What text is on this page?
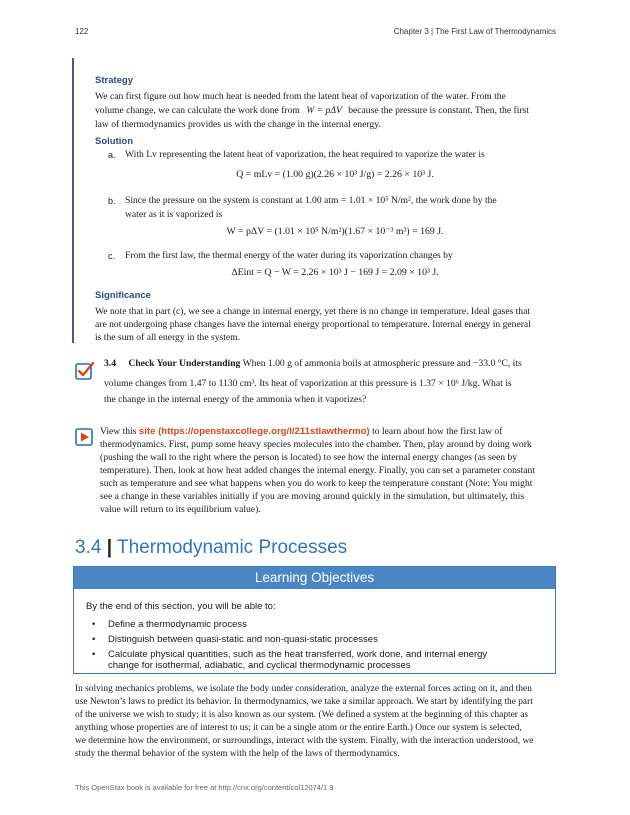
122	Chapter 3 | The First Law of Thermodynamics
Strategy
We can first figure out how much heat is needed from the latent heat of vaporization of the water. From the
volume change, we can calculate the work done from W = pΔV because the pressure is constant. Then, the first
law of thermodynamics provides us with the change in the internal energy.
Solution
a. With Lv representing the latent heat of vaporization, the heat required to vaporize the water is
Q = mLv = (1.00 g)(2.26 × 10³ J/g) = 2.26 × 10³ J.
b. Since the pressure on the system is constant at 1.00 atm = 1.01 × 10⁵ N/m², the work done by the
water as it is vaporized is
W = pΔV = (1.01 × 10⁵ N/m²)(1.67 × 10⁻³ m³) = 169 J.
c. From the first law, the thermal energy of the water during its vaporization changes by
ΔEint = Q − W = 2.26 × 10³ J − 169 J = 2.09 × 10³ J.
Significance
We note that in part (c), we see a change in internal energy, yet there is no change in temperature. Ideal gases that
are not undergoing phase changes have the internal energy proportional to temperature. Internal energy in general
is the sum of all energy in the system.
3.4 Check Your Understanding When 1.00 g of ammonia boils at atmospheric pressure and −33.0 °C, its
volume changes from 1.47 to 1130 cm³. Its heat of vaporization at this pressure is 1.37 × 10⁶ J/kg. What is
the change in the internal energy of the ammonia when it vaporizes?
View this site (https://openstaxcollege.org/l/211stlawthermo) to learn about how the first law of
thermodynamics. First, pump some heavy species molecules into the chamber. Then, play around by doing work
(pushing the wall to the right where the person is located) to see how the internal energy changes (as seen by
temperature). Then, look at how heat added changes the internal energy. Finally, you can set a parameter constant
such as temperature and see what happens when you do work to keep the temperature constant (Note: You might
see a change in these variables initially if you are moving around quickly in the simulation, but ultimately, this
value will return to its equilibrium value).
3.4 | Thermodynamic Processes
Learning Objectives
By the end of this section, you will be able to:
• Define a thermodynamic process
• Distinguish between quasi-static and non-quasi-static processes
• Calculate physical quantities, such as the heat transferred, work done, and internal energy
change for isothermal, adiabatic, and cyclical thermodynamic processes
In solving mechanics problems, we isolate the body under consideration, analyze the external forces acting on it, and then
use Newton’s laws to predict its behavior. In thermodynamics, we take a similar approach. We start by identifying the part
of the universe we wish to study; it is also known as our system. (We defined a system at the beginning of this chapter as
anything whose properties are of interest to us; it can be a single atom or the entire Earth.) Once our system is selected,
we determine how the environment, or surroundings, interact with the system. Finally, with the interaction understood, we
study the thermal behavior of the system with the help of the laws of thermodynamics.
This OpenStax book is available for free at http://cnx.org/content/col12074/1.9
